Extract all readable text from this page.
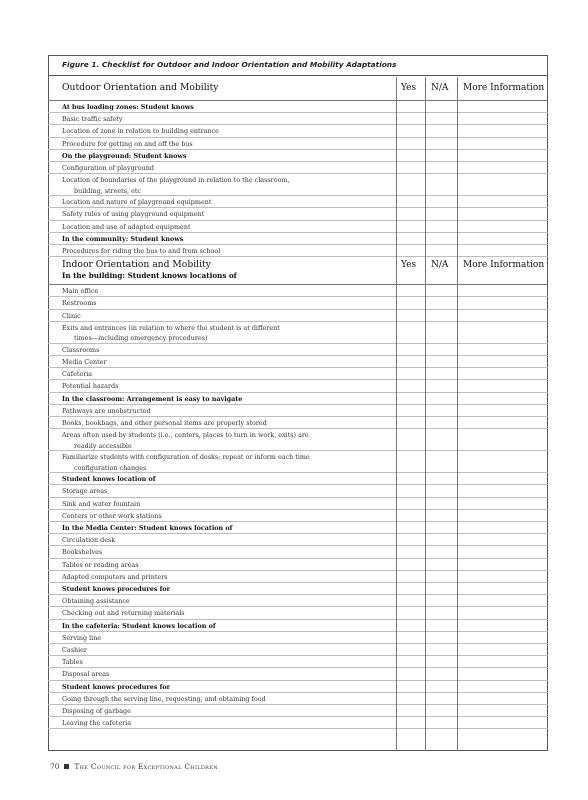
Figure 1. Checklist for Outdoor and Indoor Orientation and Mobility Adaptations
Outdoor Orientation and Mobility	Yes N/A More Information
At bus loading zones: Student knows
Basic traffic safety
Location of zone in relation to building entrance
Procedure for getting on and off the bus
On the playground: Student knows
Configuration of playground
Location of boundaries of the playground in relation to the classroom,
building, streets, etc
Location and nature of playground equipment
Safety rules of using playground equipment
Location and use of adapted equipment
In the community: Student knows
Procedures for riding the bus to and from school
Indoor Orientation and Mobility
In the building: Student knows locations of
Yes N/A More Information
Main office
Restrooms
Clinic
Exits and entrances (in relation to where the student is at different
times—including emergency procedures)
Classrooms
Media Center
Cafeteria
Potential hazards
In the classroom: Arrangement is easy to navigate
Pathways are unobstructed
Books, bookbags, and other personal items are properly stored
Areas often used by students (i.e., centers, places to turn in work, exits) are
readily accessible
Familiarize students with configuration of desks; repeat or inform each time
configuration changes
Student knows location of
Storage areas
Sink and water fountain
Centers or other work stations
In the Media Center: Student knows location of
Circulation desk
Bookshelves
Tables or reading areas
Adapted computers and printers
Student knows procedures for
Obtaining assistance
Checking out and returning materials
In the cafeteria: Student knows location of
Serving line
Cashier
Tables
Disposal areas
Student knows procedures for
Going through the serving line, requesting, and obtaining food
Disposing of garbage
Leaving the cafeteria
70 The Council for Exceptional Children
